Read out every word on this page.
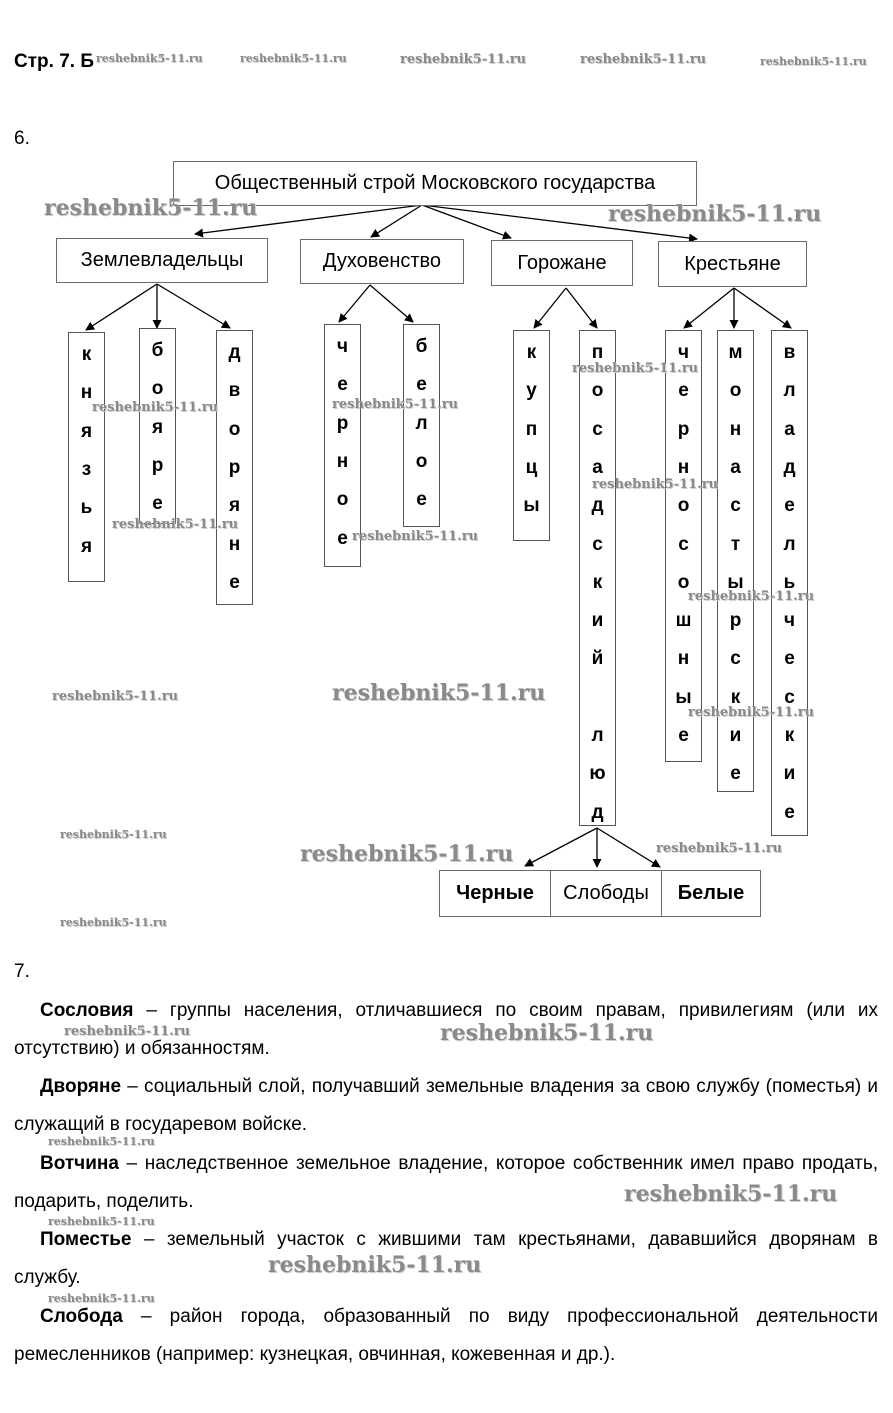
Стр. 7. Б
6.
Общественный строй Московского государства
Землевладельцы	Духовенство	Горожане	Крестьяне
к
н
я
з
ь
я
б
о
я
р
е
д
в
о
р
я
н
е
ч
е
р
н
о
е
б
е
л
о
е
к
у
п
ц
ы
п
о
с
а
д
с
к
и
й
л
ю
д
ч
е
р
н
о
с
о
ш
н
ы
е
м
о
н
а
с
т
ы
р
с
к
и
е
в
л
а
д
е
л
ь
ч
е
с
к
и
е
Черные	Слободы	Белые
7.
Сословия – группы населения, отличавшиеся по своим правам, привилегиям (или их отсутствию) и обязанностям.
Дворяне – социальный слой, получавший земельные владения за свою службу (поместья) и служащий в государевом войске.
Вотчина – наследственное земельное владение, которое собственник имел право продать, подарить, поделить.
Поместье – земельный участок с жившими там крестьянами, дававшийся дворянам в службу.
Слобода – район города, образованный по виду профессиональной деятельности ремесленников (например: кузнецкая, овчинная, кожевенная и др.).
reshebnik5-11.ru	reshebnik5-11.ru	reshebnik5-11.ru	reshebnik5-11.ru	reshebnik5-11.ru
reshebnik5-11.ru	reshebnik5-11.ru
reshebnik5-11.ru
reshebnik5-11.ru	reshebnik5-11.ru
reshebnik5-11.ru
reshebnik5-11.ru
reshebnik5-11.ru
reshebnik5-11.ru
reshebnik5-11.ru	reshebnik5-11.ru
reshebnik5-11.ru
reshebnik5-11.ru
reshebnik5-11.ru	reshebnik5-11.ru
reshebnik5-11.ru
reshebnik5-11.ru	reshebnik5-11.ru
reshebnik5-11.ru
reshebnik5-11.ru
reshebnik5-11.ru
reshebnik5-11.ru
reshebnik5-11.ru
